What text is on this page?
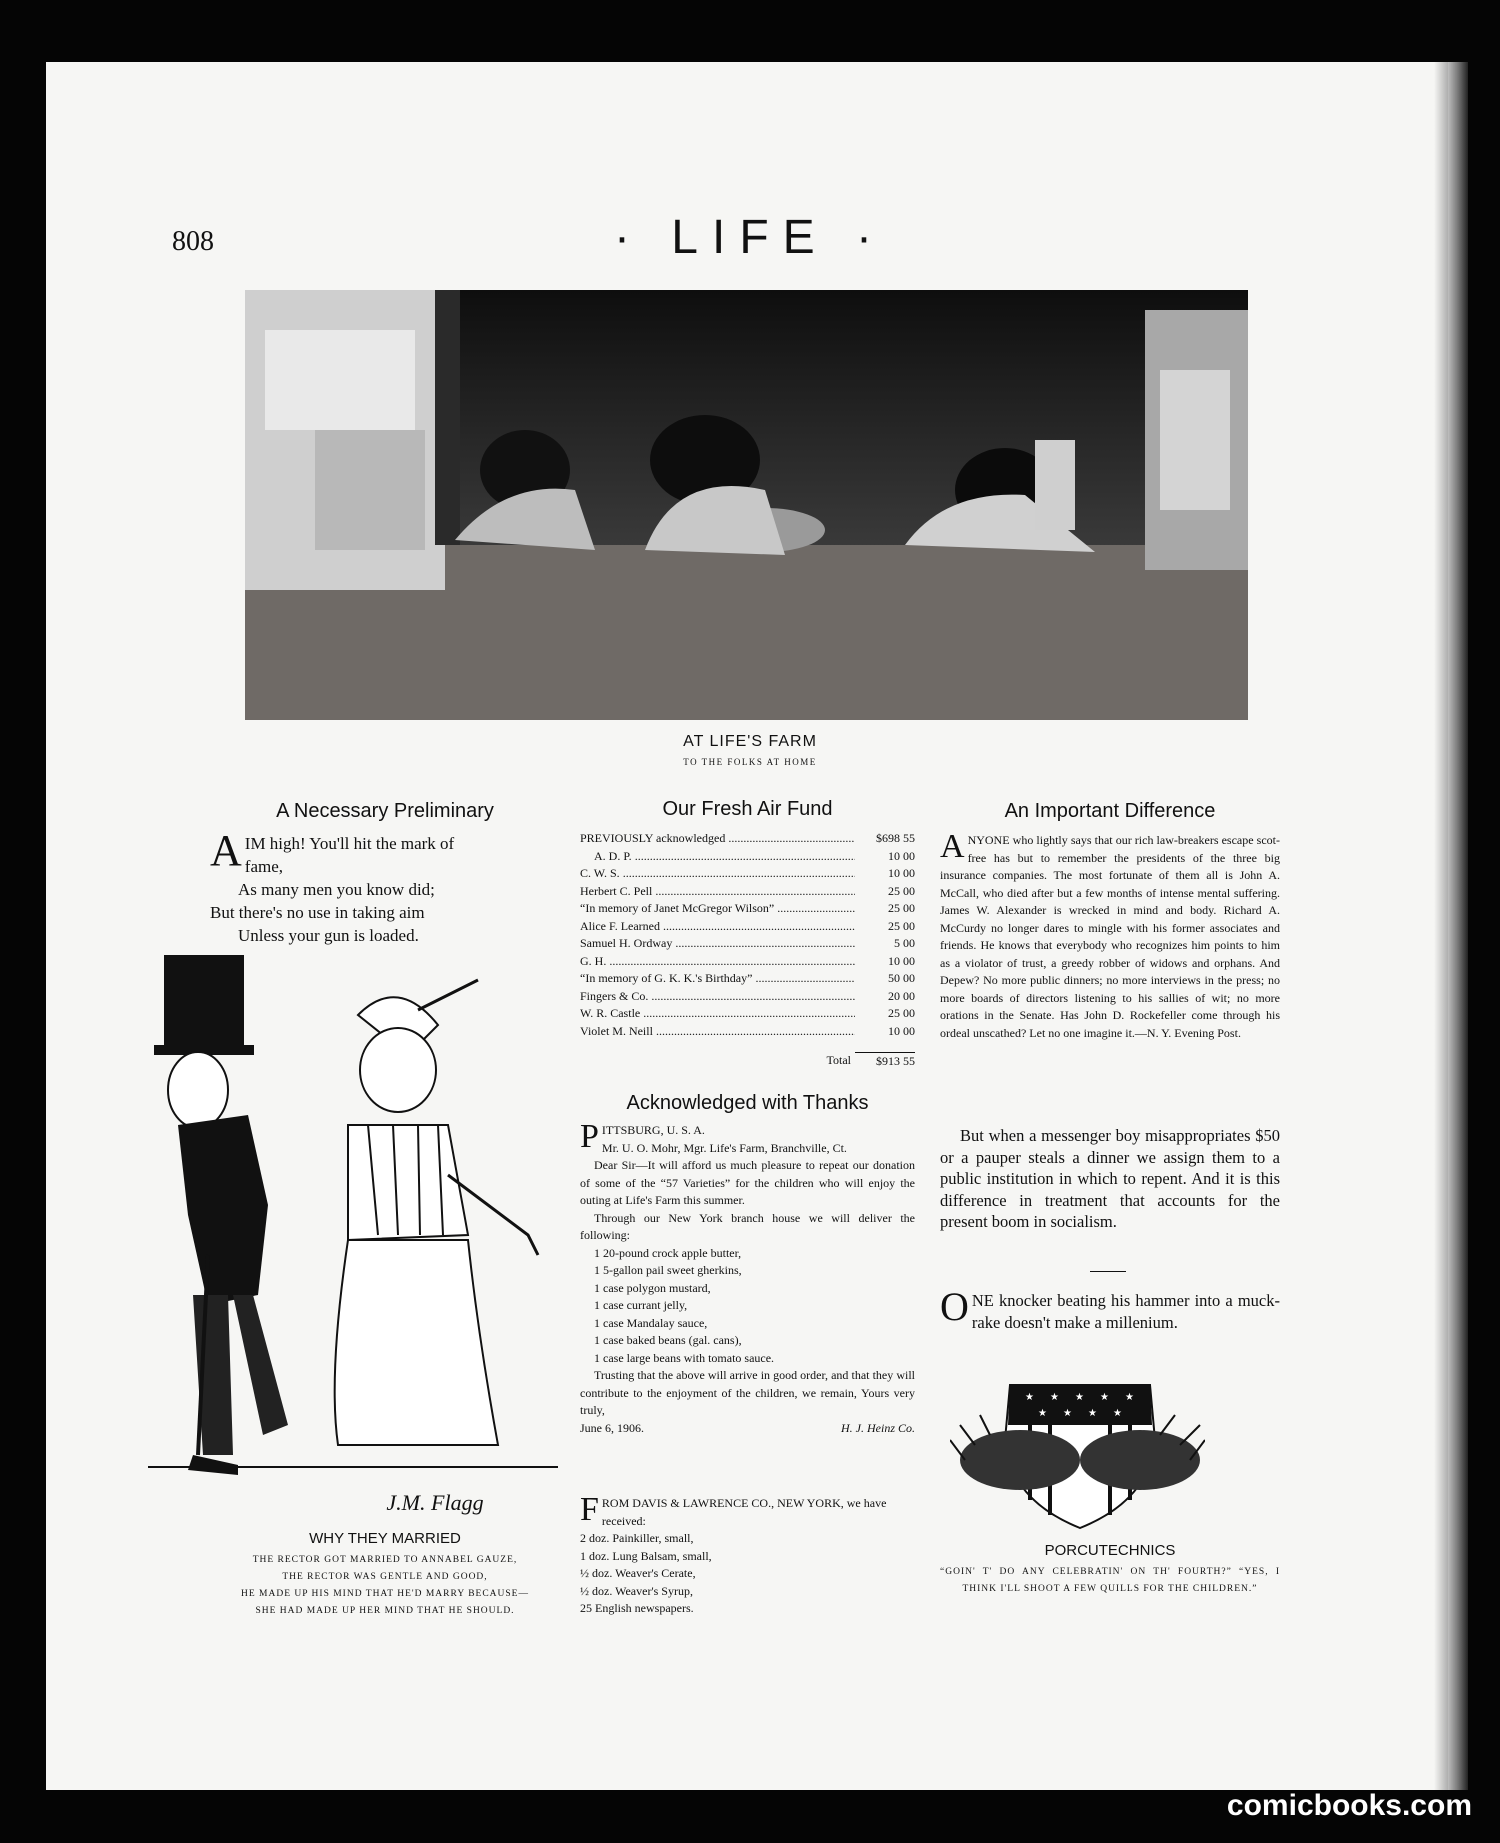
808	· LIFE ·
AT LIFE'S FARM
TO THE FOLKS AT HOME
A Necessary Preliminary
A IM high! You'll hit the mark of
fame,
As many men you know did;
But there's no use in taking aim
Unless your gun is loaded.
J.M. Flagg
WHY THEY MARRIED
THE RECTOR GOT MARRIED TO ANNABEL GAUZE,
THE RECTOR WAS GENTLE AND GOOD,
HE MADE UP HIS MIND THAT HE'D MARRY BECAUSE—
SHE HAD MADE UP HER MIND THAT HE SHOULD.
Our Fresh Air Fund
PREVIOUSLY acknowledged .....	$698 55
A. D. P. .....	10 00
C. W. S. .....	10 00
Herbert C. Pell .....	25 00
“In memory of Janet McGregor Wilson” .....	25 00
Alice F. Learned .....	25 00
Samuel H. Ordway .....	5 00
G. H. .....	10 00
“In memory of G. K. K.'s Birthday” .....	50 00
Fingers & Co. .....	20 00
W. R. Castle .....	25 00
Violet M. Neill .....	10 00
Total	$913 55
Acknowledged with Thanks
P ITTSBURG, U. S. A.
Mr. U. O. Mohr, Mgr. Life's Farm, Branchville, Ct.
Dear Sir—It will afford us much pleasure to repeat our donation of some of the “57 Varieties” for the children who will enjoy the outing at Life's Farm this summer.
Through our New York branch house we will deliver the following:
1 20-pound crock apple butter,
1 5-gallon pail sweet gherkins,
1 case polygon mustard,
1 case currant jelly,
1 case Mandalay sauce,
1 case baked beans (gal. cans),
1 case large beans with tomato sauce.
Trusting that the above will arrive in good order, and that they will contribute to the enjoyment of the children, we remain, Yours very truly,
June 6, 1906.	H. J. Heinz Co.
F ROM DAVIS & LAWRENCE CO., NEW YORK, we have received:
2 doz. Painkiller, small,
1 doz. Lung Balsam, small,
½ doz. Weaver's Cerate,
½ doz. Weaver's Syrup,
25 English newspapers.
An Important Difference
ANYONE who lightly says that our rich law-breakers escape scot-free has but to remember the presidents of the three big insurance companies. The most fortunate of them all is John A. McCall, who died after but a few months of intense mental suffering. James W. Alexander is wrecked in mind and body. Richard A. McCurdy no longer dares to mingle with his former associates and friends. He knows that everybody who recognizes him points to him as a violator of trust, a greedy robber of widows and orphans. And Depew? No more public dinners; no more interviews in the press; no more boards of directors listening to his sallies of wit; no more orations in the Senate. Has John D. Rockefeller come through his ordeal unscathed? Let no one imagine it.—N. Y. Evening Post.
But when a messenger boy misappropriates $50 or a pauper steals a dinner we assign them to a public institution in which to repent. And it is this difference in treatment that accounts for the present boom in socialism.
ONE knocker beating his hammer into a muck-rake doesn't make a millenium.
★ ★ ★ ★ ★
★ ★ ★ ★
PORCUTECHNICS
“GOIN' T' DO ANY CELEBRATIN' ON TH' FOURTH?” “YES, I THINK I'LL SHOOT A FEW QUILLS FOR THE CHILDREN.”
comicbooks.com
